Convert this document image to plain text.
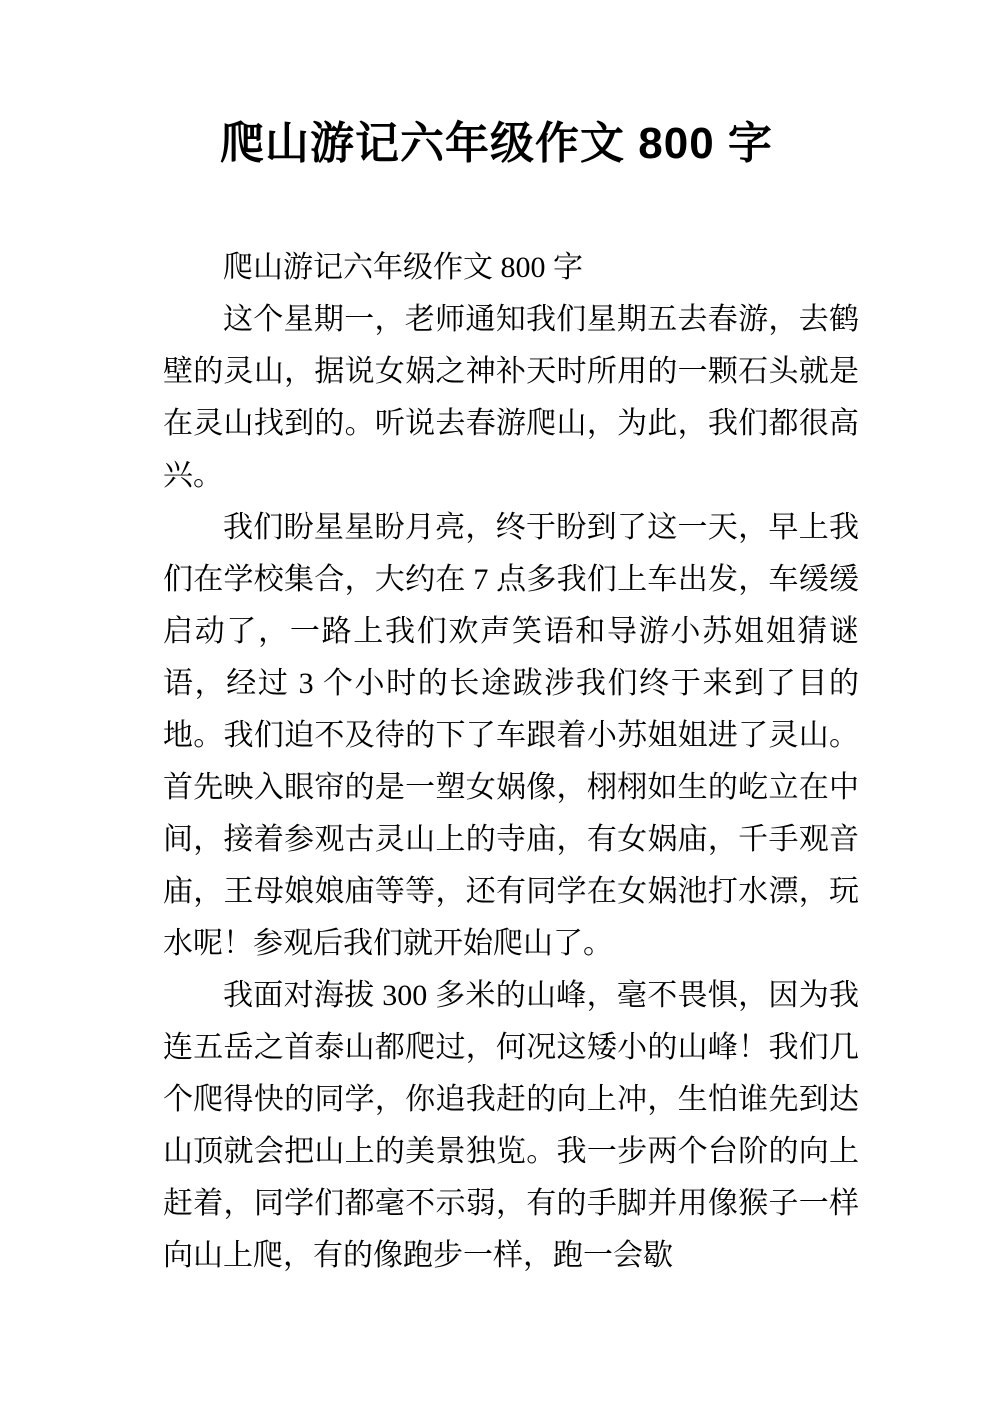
爬山游记六年级作文 800 字

爬山游记六年级作文 800 字

这个星期一，老师通知我们星期五去春游，去鹤壁的灵山，据说女娲之神补天时所用的一颗石头就是在灵山找到的。听说去春游爬山，为此，我们都很高兴。

我们盼星星盼月亮，终于盼到了这一天，早上我们在学校集合，大约在 7 点多我们上车出发，车缓缓启动了，一路上我们欢声笑语和导游小苏姐姐猜谜语，经过 3 个小时的长途跋涉我们终于来到了目的地。我们迫不及待的下了车跟着小苏姐姐进了灵山。首先映入眼帘的是一塑女娲像，栩栩如生的屹立在中间，接着参观古灵山上的寺庙，有女娲庙，千手观音庙，王母娘娘庙等等，还有同学在女娲池打水漂，玩水呢！参观后我们就开始爬山了。

我面对海拔 300 多米的山峰，毫不畏惧，因为我连五岳之首泰山都爬过，何况这矮小的山峰！我们几个爬得快的同学，你追我赶的向上冲，生怕谁先到达山顶就会把山上的美景独览。我一步两个台阶的向上赶着，同学们都毫不示弱，有的手脚并用像猴子一样向山上爬，有的像跑步一样，跑一会歇
